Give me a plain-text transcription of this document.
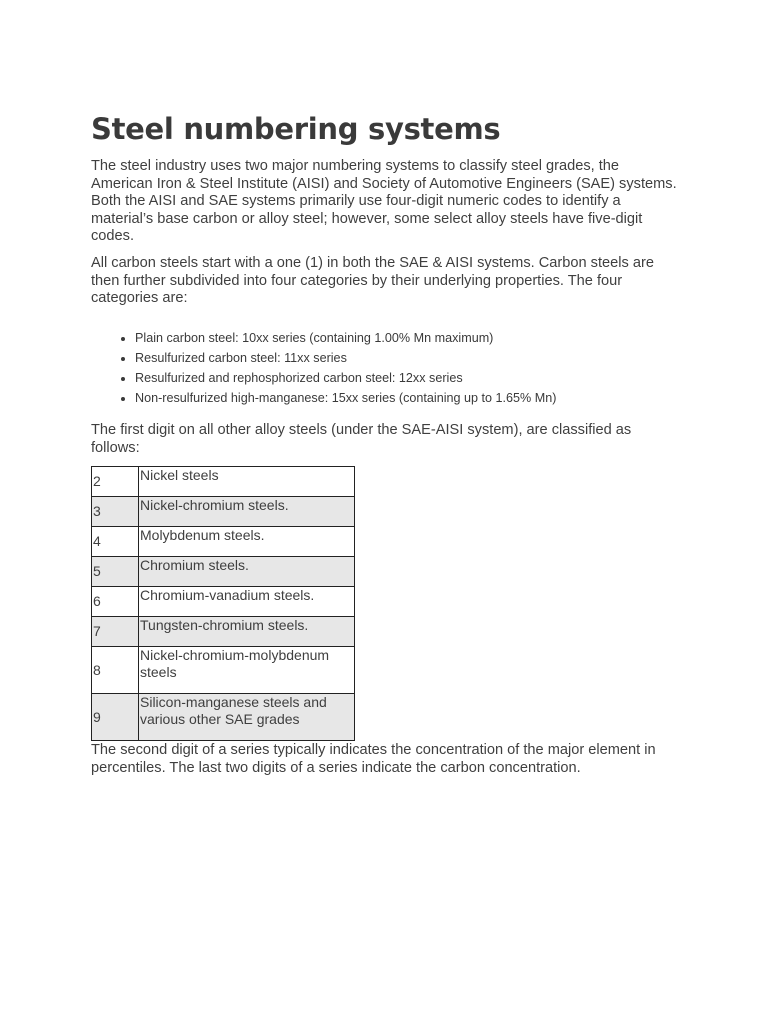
Steel numbering systems

The steel industry uses two major numbering systems to classify steel grades, the American Iron & Steel Institute (AISI) and Society of Automotive Engineers (SAE) systems. Both the AISI and SAE systems primarily use four-digit numeric codes to identify a material’s base carbon or alloy steel; however, some select alloy steels have five-digit codes.

All carbon steels start with a one (1) in both the SAE & AISI systems. Carbon steels are then further subdivided into four categories by their underlying properties. The four categories are:

• Plain carbon steel: 10xx series (containing 1.00% Mn maximum)
• Resulfurized carbon steel: 11xx series
• Resulfurized and rephosphorized carbon steel: 12xx series
• Non-resulfurized high-manganese: 15xx series (containing up to 1.65% Mn)

The first digit on all other alloy steels (under the SAE-AISI system), are classified as follows:

2	Nickel steels
3	Nickel-chromium steels.
4	Molybdenum steels.
5	Chromium steels.
6	Chromium-vanadium steels.
7	Tungsten-chromium steels.
8	Nickel-chromium-molybdenum steels
9	Silicon-manganese steels and various other SAE grades

The second digit of a series typically indicates the concentration of the major element in percentiles. The last two digits of a series indicate the carbon concentration.
